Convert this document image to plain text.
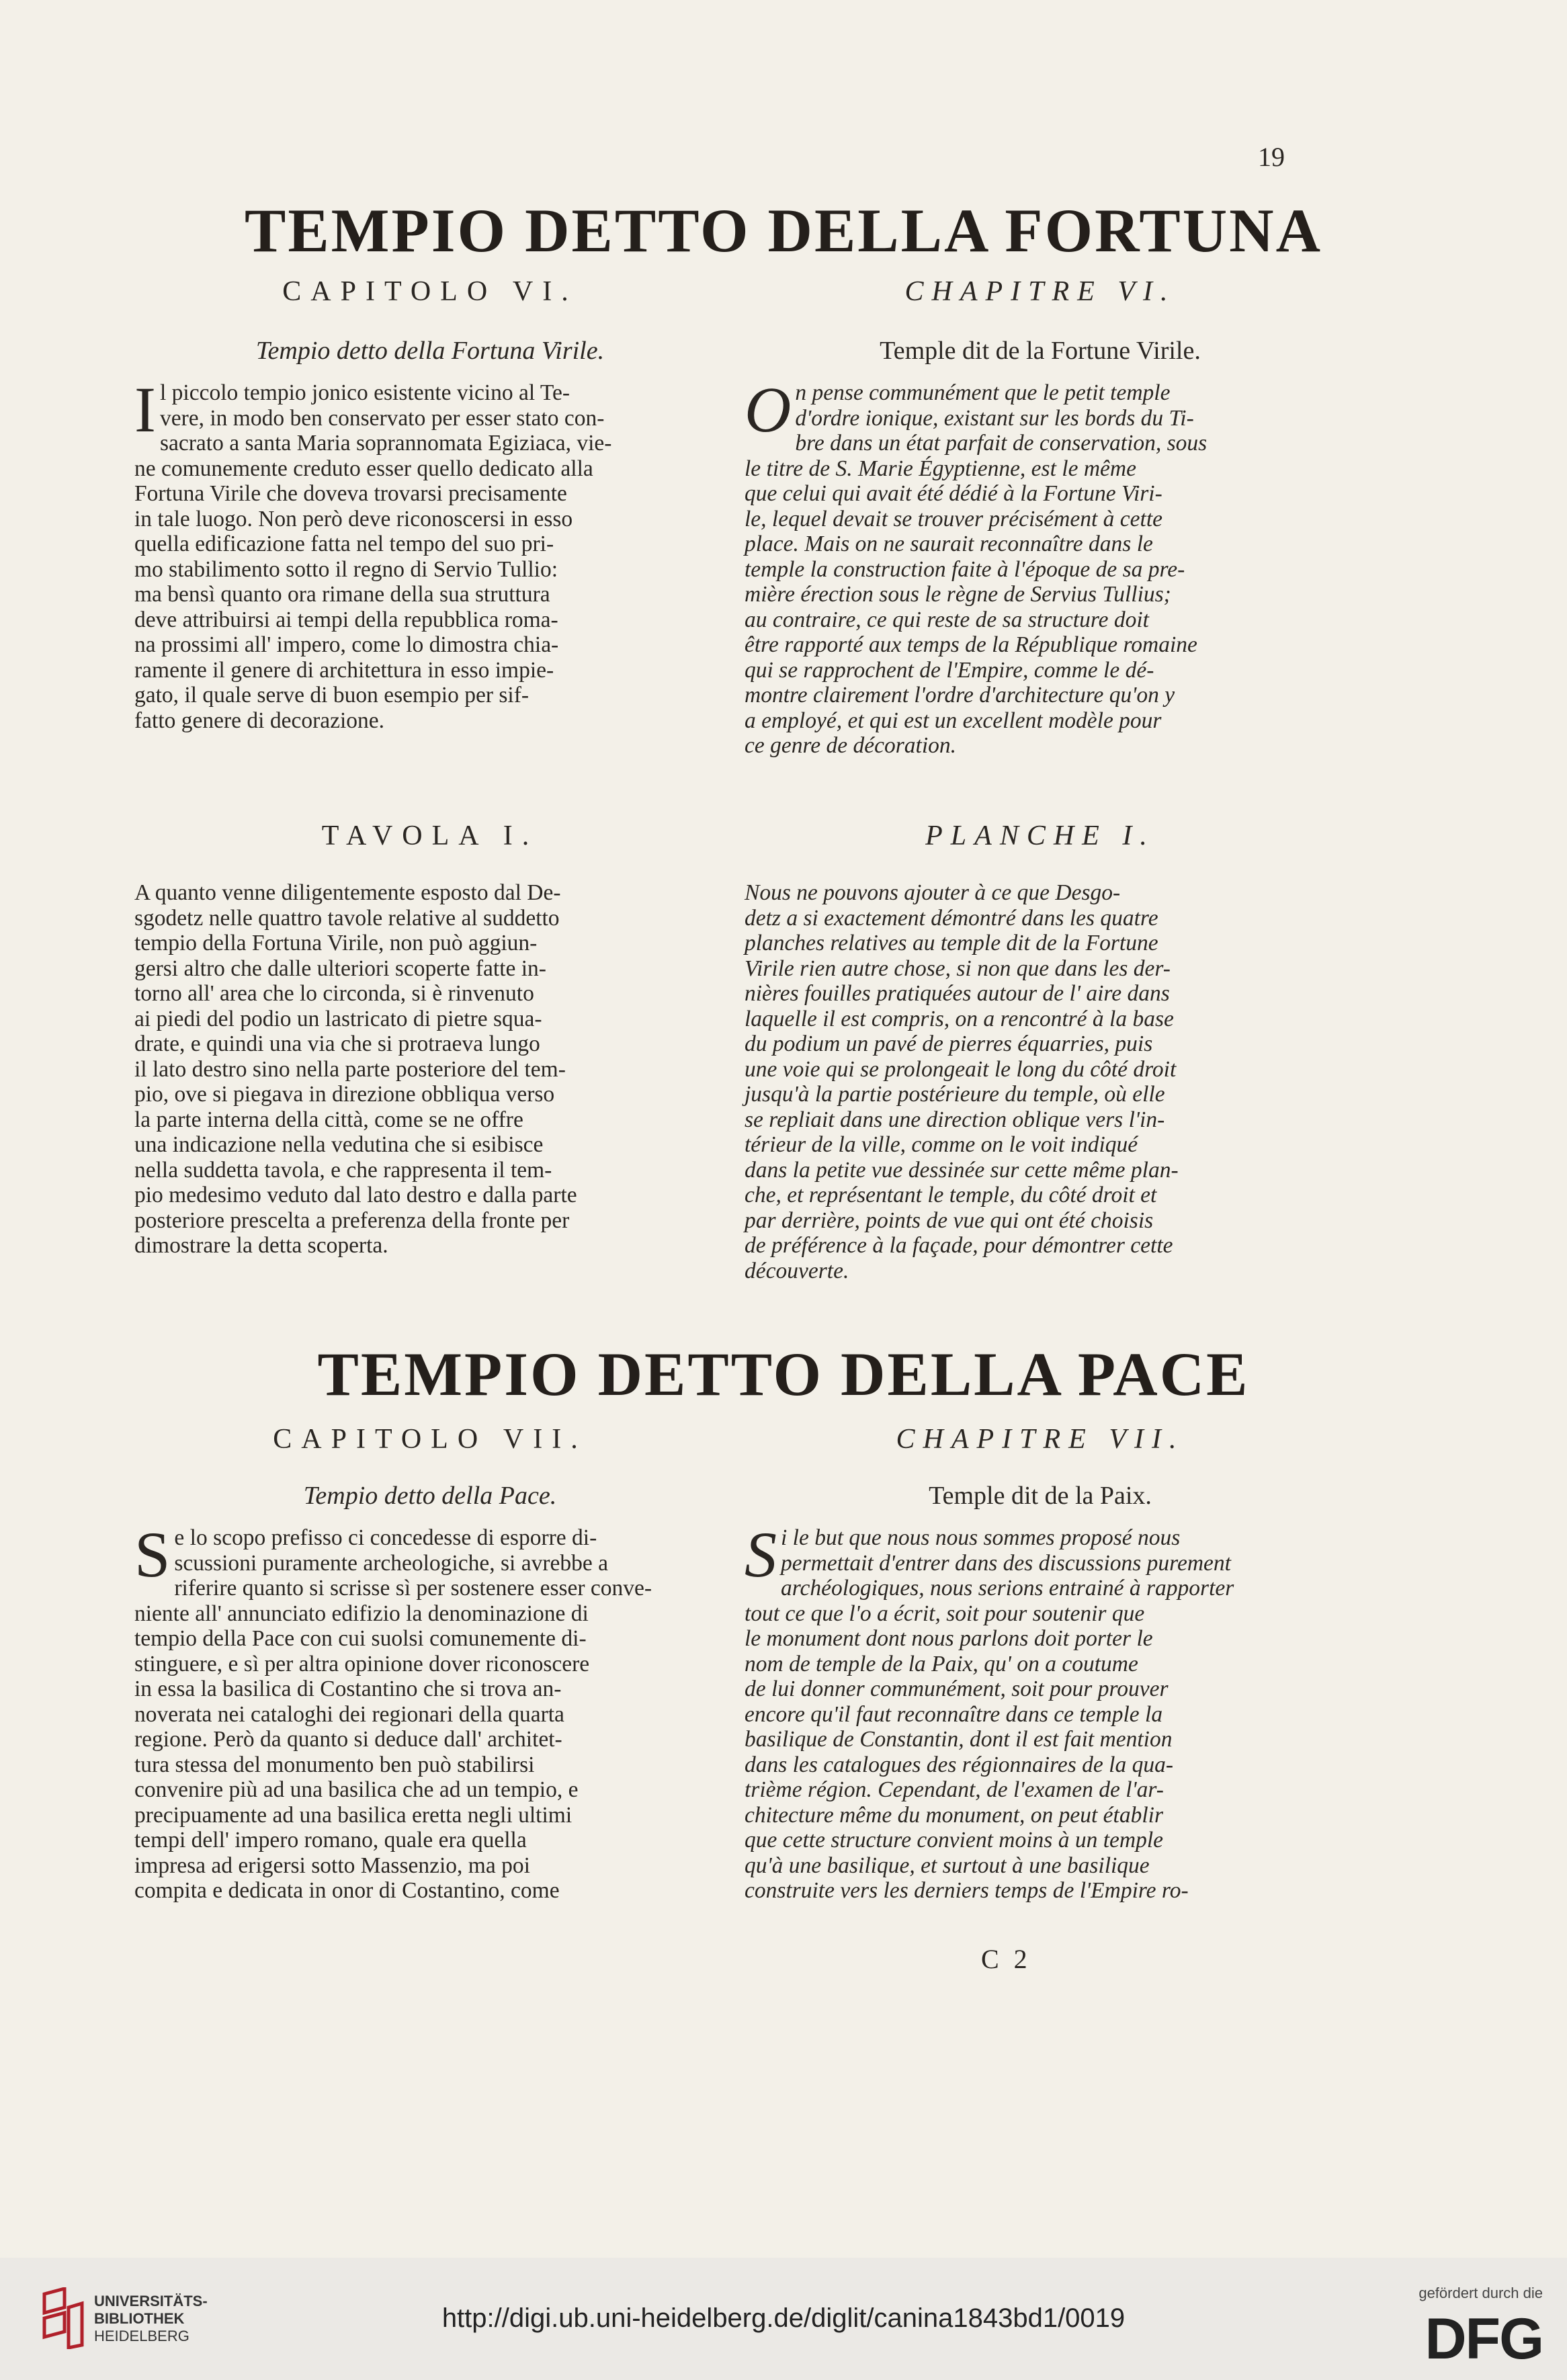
19
TEMPIO DETTO DELLA FORTUNA

CAPITOLO VI.

Tempio detto della Fortuna Virile.

Il piccolo tempio jonico esistente vicino al Te-
vere, in modo ben conservato per esser stato con-
sacrato a santa Maria soprannomata Egiziaca, vie-
ne comunemente creduto esser quello dedicato alla
Fortuna Virile che doveva trovarsi precisamente
in tale luogo. Non però deve riconoscersi in esso
quella edificazione fatta nel tempo del suo pri-
mo stabilimento sotto il regno di Servio Tullio:
ma bensì quanto ora rimane della sua struttura
deve attribuirsi ai tempi della repubblica roma-
na prossimi all' impero, come lo dimostra chia-
ramente il genere di architettura in esso impie-
gato, il quale serve di buon esempio per sif-
fatto genere di decorazione.

CHAPITRE VI.

Temple dit de la Fortune Virile.

On pense communément que le petit temple
d'ordre ionique, existant sur les bords du Ti-
bre dans un état parfait de conservation, sous
le titre de S. Marie Égyptienne, est le même
que celui qui avait été dédié à la Fortune Viri-
le, lequel devait se trouver précisément à cette
place. Mais on ne saurait reconnaître dans le
temple la construction faite à l'époque de sa pre-
mière érection sous le règne de Servius Tullius;
au contraire, ce qui reste de sa structure doit
être rapporté aux temps de la République romaine
qui se rapprochent de l'Empire, comme le dé-
montre clairement l'ordre d'architecture qu'on y
a employé, et qui est un excellent modèle pour
ce genre de décoration.

TAVOLA I.

A quanto venne diligentemente esposto dal De-
sgodetz nelle quattro tavole relative al suddetto
tempio della Fortuna Virile, non può aggiun-
gersi altro che dalle ulteriori scoperte fatte in-
torno all' area che lo circonda, si è rinvenuto
ai piedi del podio un lastricato di pietre squa-
drate, e quindi una via che si protraeva lungo
il lato destro sino nella parte posteriore del tem-
pio, ove si piegava in direzione obbliqua verso
la parte interna della città, come se ne offre
una indicazione nella vedutina che si esibisce
nella suddetta tavola, e che rappresenta il tem-
pio medesimo veduto dal lato destro e dalla parte
posteriore prescelta a preferenza della fronte per
dimostrare la detta scoperta.

PLANCHE I.

Nous ne pouvons ajouter à ce que Desgo-
detz a si exactement démontré dans les quatre
planches relatives au temple dit de la Fortune
Virile rien autre chose, si non que dans les der-
nières fouilles pratiquées autour de l' aire dans
laquelle il est compris, on a rencontré à la base
du podium un pavé de pierres équarries, puis
une voie qui se prolongeait le long du côté droit
jusqu'à la partie postérieure du temple, où elle
se repliait dans une direction oblique vers l'in-
térieur de la ville, comme on le voit indiqué
dans la petite vue dessinée sur cette même plan-
che, et représentant le temple, du côté droit et
par derrière, points de vue qui ont été choisis
de préférence à la façade, pour démontrer cette
découverte.

TEMPIO DETTO DELLA PACE

CAPITOLO VII.

Tempio detto della Pace.

Se lo scopo prefisso ci concedesse di esporre di-
scussioni puramente archeologiche, si avrebbe a
riferire quanto si scrisse sì per sostenere esser conve-
niente all' annunciato edifizio la denominazione di
tempio della Pace con cui suolsi comunemente di-
stinguere, e sì per altra opinione dover riconoscere
in essa la basilica di Costantino che si trova an-
noverata nei cataloghi dei regionari della quarta
regione. Però da quanto si deduce dall' architet-
tura stessa del monumento ben può stabilirsi
convenire più ad una basilica che ad un tempio, e
precipuamente ad una basilica eretta negli ultimi
tempi dell' impero romano, quale era quella
impresa ad erigersi sotto Massenzio, ma poi
compita e dedicata in onor di Costantino, come

CHAPITRE VII.

Temple dit de la Paix.

Si le but que nous nous sommes proposé nous
permettait d'entrer dans des discussions purement
archéologiques, nous serions entrainé à rapporter
tout ce que l'o a écrit, soit pour soutenir que
le monument dont nous parlons doit porter le
nom de temple de la Paix, qu' on a coutume
de lui donner communément, soit pour prouver
encore qu'il faut reconnaître dans ce temple la
basilique de Constantin, dont il est fait mention
dans les catalogues des régionnaires de la qua-
trième région. Cependant, de l'examen de l'ar-
chitecture même du monument, on peut établir
que cette structure convient moins à un temple
qu'à une basilique, et surtout à une basilique
construite vers les derniers temps de l'Empire ro-

C 2
UNIVERSITÄTS-
BIBLIOTHEK
HEIDELBERG
http://digi.ub.uni-heidelberg.de/diglit/canina1843bd1/0019
gefördert durch die
DFG
